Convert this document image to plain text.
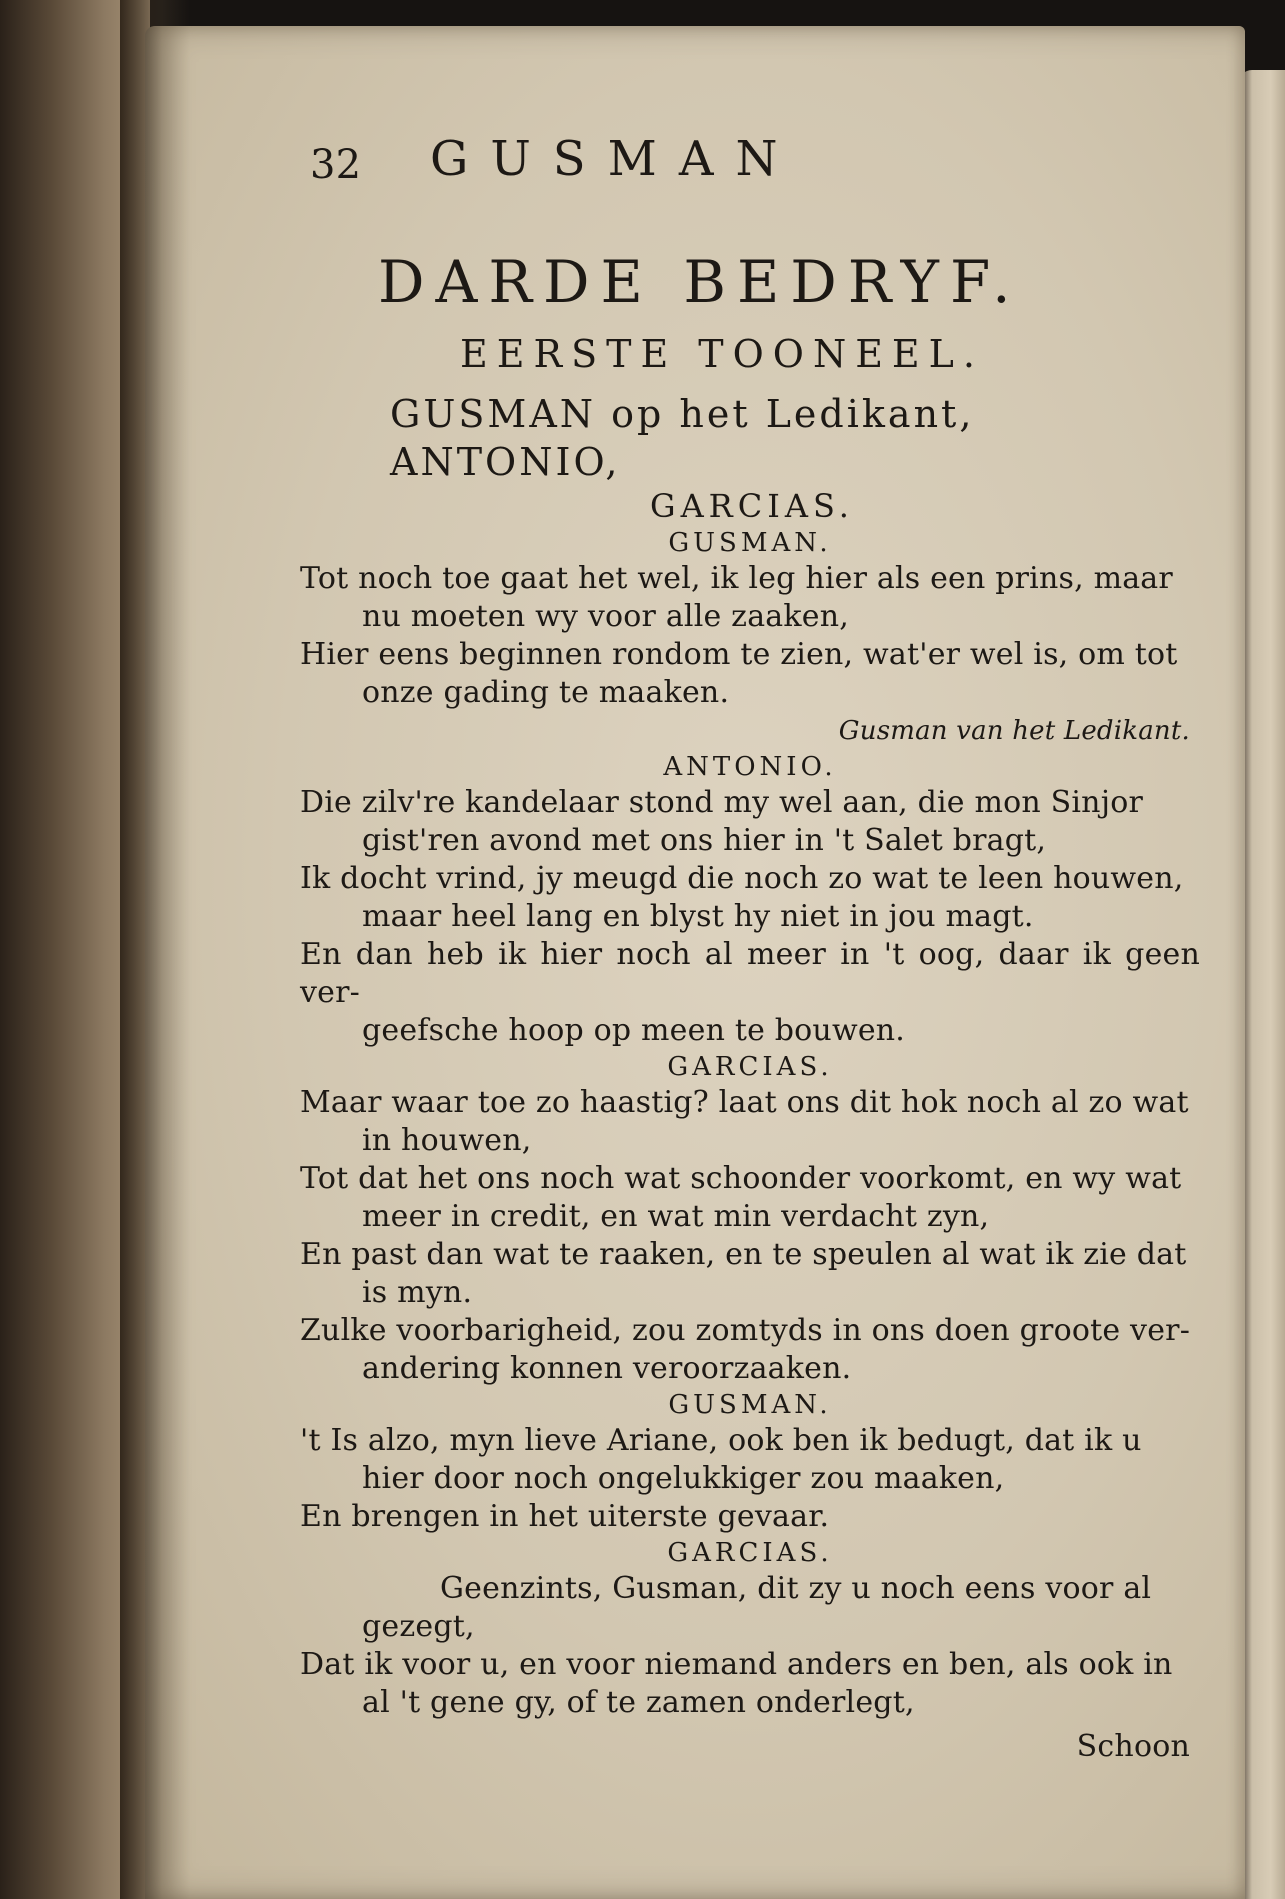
32 GUSMAN
DARDE BEDRYF.
EERSTE TOONEEL.
GUSMAN op het Ledikant, ANTONIO,
GARCIAS.
GUSMAN.
Tot noch toe gaat het wel, ik leg hier als een prins, maar
nu moeten wy voor alle zaaken,
Hier eens beginnen rondom te zien, wat'er wel is, om tot
onze gading te maaken.
Gusman van het Ledikant.
ANTONIO.
Die zilv're kandelaar stond my wel aan, die mon Sinjor
gist'ren avond met ons hier in 't Salet bragt,
Ik docht vrind, jy meugd die noch zo wat te leen houwen,
maar heel lang en blyst hy niet in jou magt.
En dan heb ik hier noch al meer in 't oog, daar ik geen ver-
geefsche hoop op meen te bouwen.
GARCIAS.
Maar waar toe zo haastig? laat ons dit hok noch al zo wat
in houwen,
Tot dat het ons noch wat schoonder voorkomt, en wy wat
meer in credit, en wat min verdacht zyn,
En past dan wat te raaken, en te speulen al wat ik zie dat
is myn.
Zulke voorbarigheid, zou zomtyds in ons doen groote ver-
andering konnen veroorzaaken.
GUSMAN.
't Is alzo, myn lieve Ariane, ook ben ik bedugt, dat ik u
hier door noch ongelukkiger zou maaken,
En brengen in het uiterste gevaar.
GARCIAS.
Geenzints, Gusman, dit zy u noch eens voor al
gezegt,
Dat ik voor u, en voor niemand anders en ben, als ook in
al 't gene gy, of te zamen onderlegt,
Schoon
